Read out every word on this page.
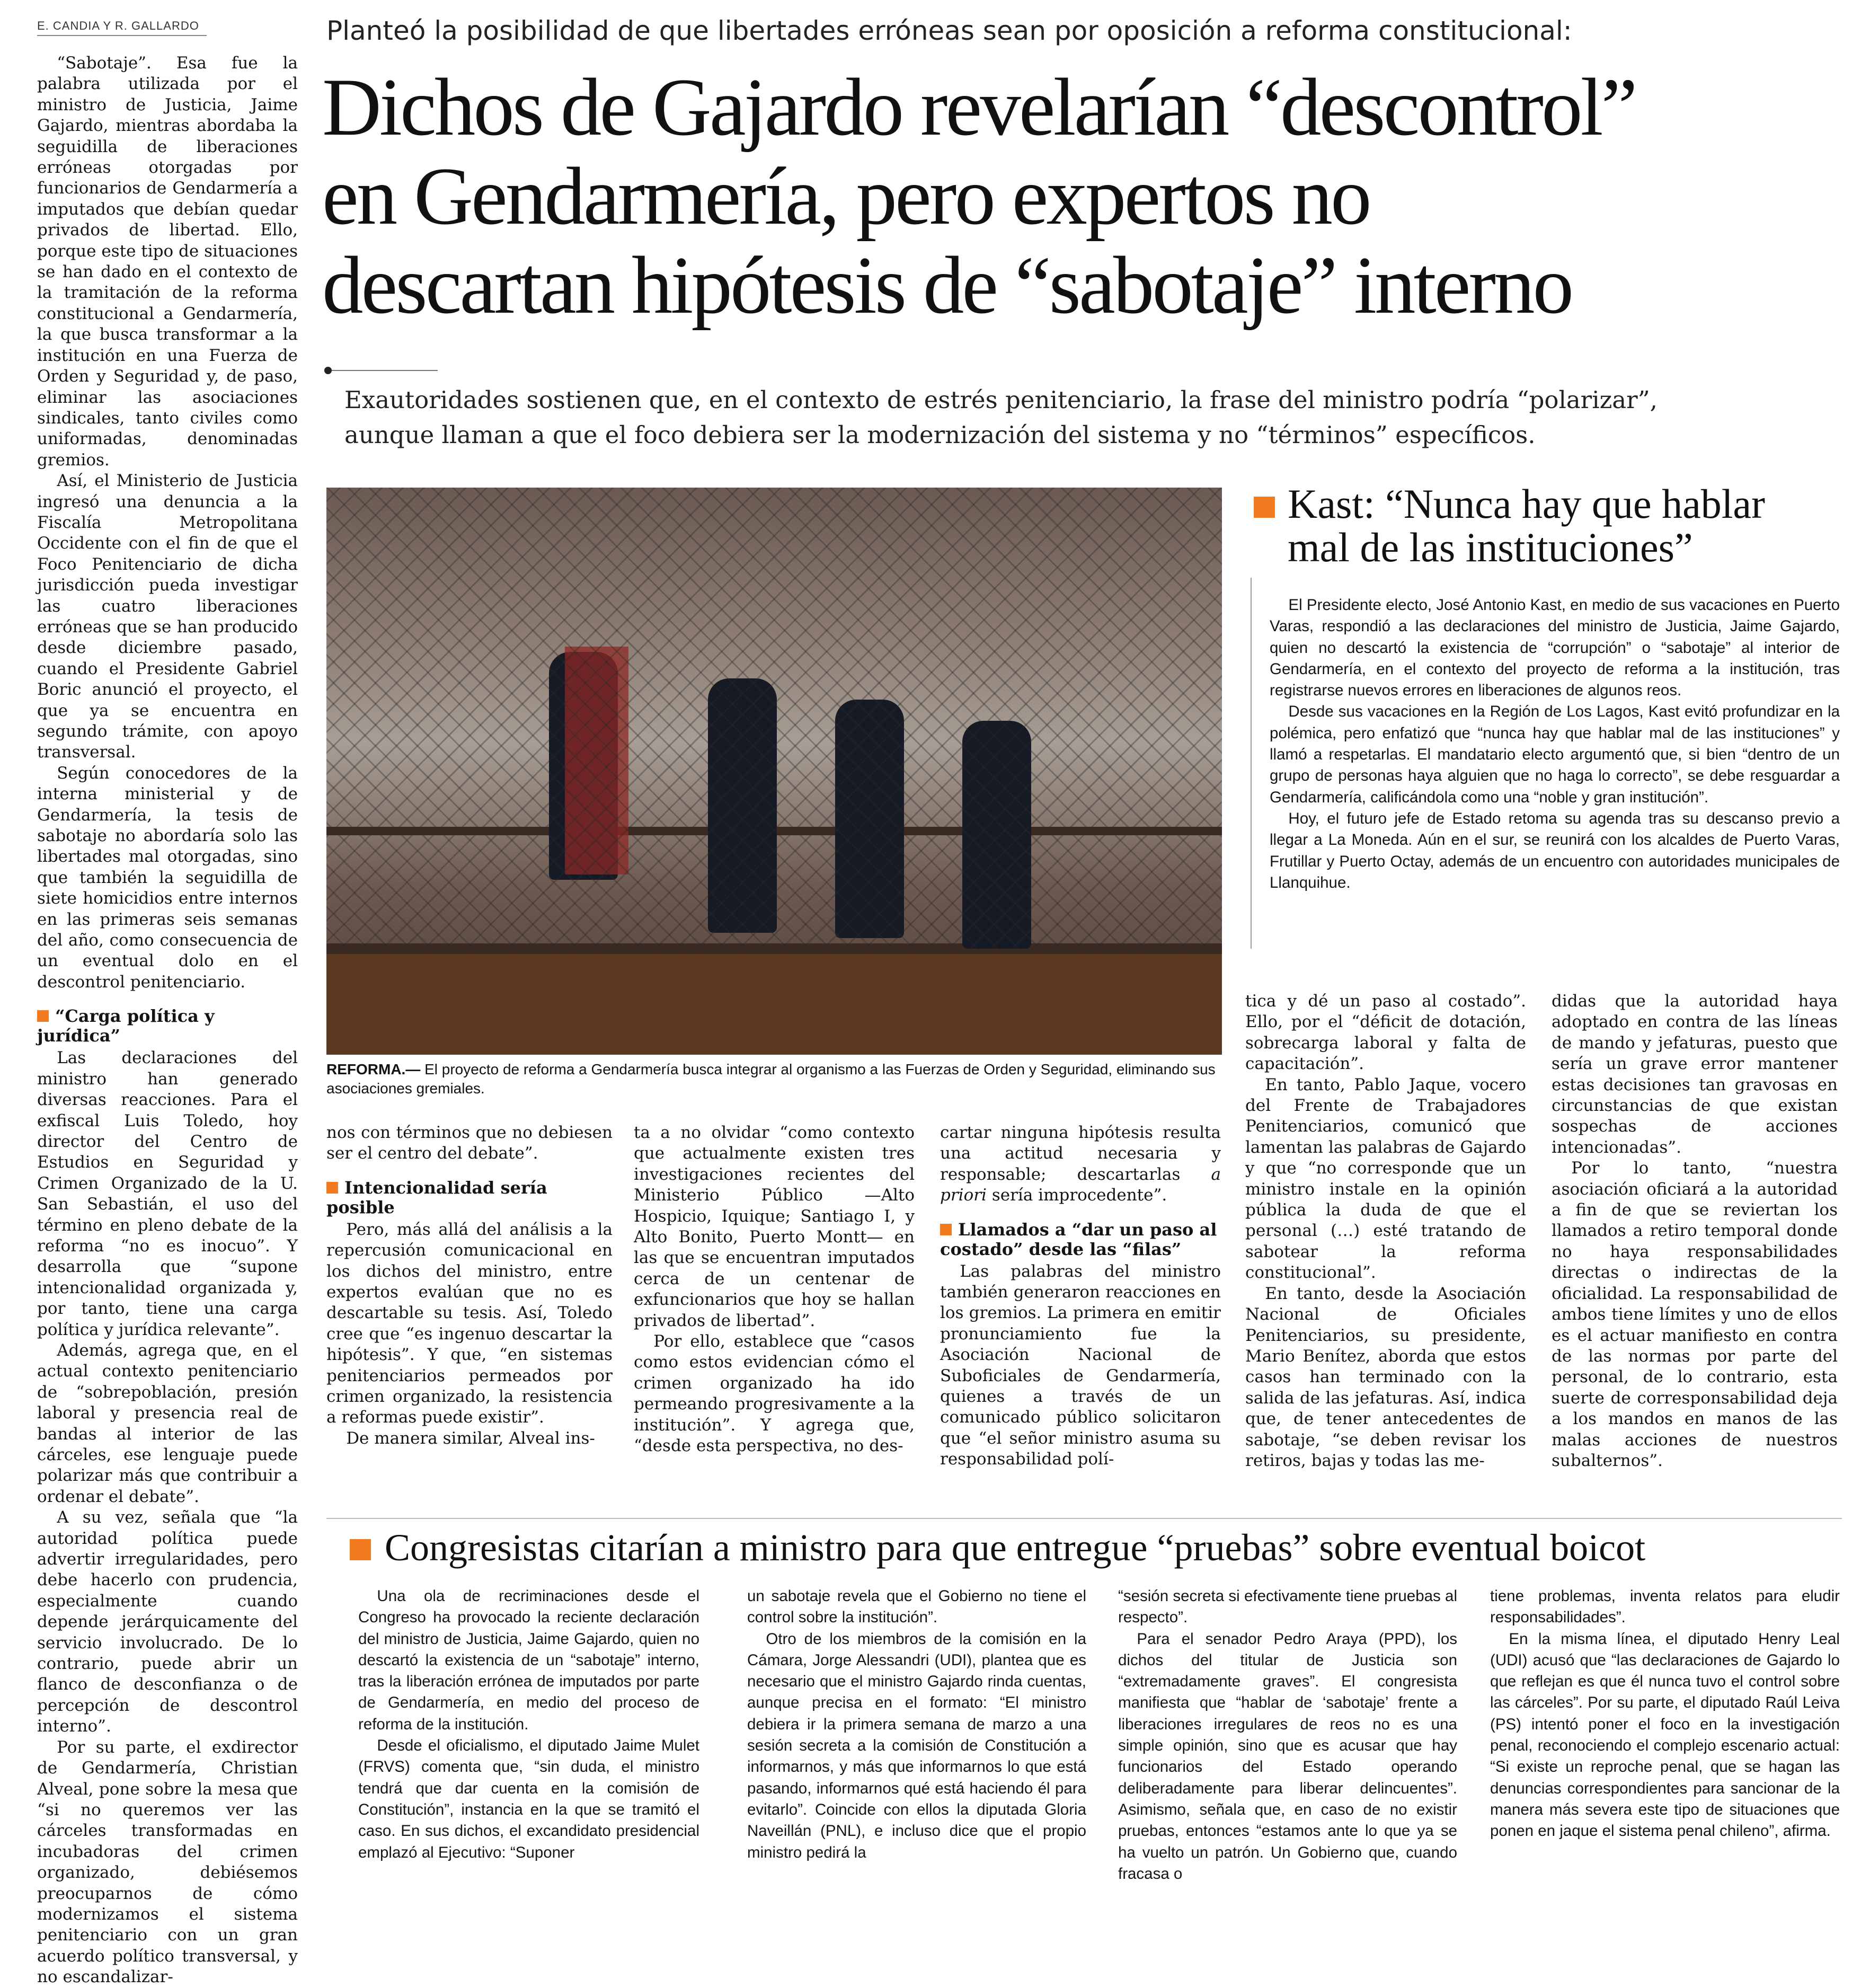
E. CANDIA Y R. GALLARDO	Planteó la posibilidad de que libertades erróneas sean por oposición a reforma constitucional:
Dichos de Gajardo revelarían “descontrol”
en Gendarmería, pero expertos no
descartan hipótesis de “sabotaje” interno
Exautoridades sostienen que, en el contexto de estrés penitenciario, la frase del ministro podría “polarizar”,
aunque llaman a que el foco debiera ser la modernización del sistema y no “términos” específicos.

“Sabotaje”. Esa fue la palabra utilizada por el ministro de Justicia, Jaime Gajardo, mientras abordaba la seguidilla de liberaciones erróneas otorgadas por funcionarios de Gendarmería a imputados que debían quedar privados de libertad. Ello, porque este tipo de situaciones se han dado en el contexto de la tramitación de la reforma constitucional a Gendarmería, la que busca transformar a la institución en una Fuerza de Orden y Seguridad y, de paso, eliminar las asociaciones sindicales, tanto civiles como uniformadas, denominadas gremios.

Así, el Ministerio de Justicia ingresó una denuncia a la Fiscalía Metropolitana Occidente con el fin de que el Foco Penitenciario de dicha jurisdicción pueda investigar las cuatro liberaciones erróneas que se han producido desde diciembre pasado, cuando el Presidente Gabriel Boric anunció el proyecto, el que ya se encuentra en segundo trámite, con apoyo transversal.

Según conocedores de la interna ministerial y de Gendarmería, la tesis de sabotaje no abordaría solo las libertades mal otorgadas, sino que también la seguidilla de siete homicidios entre internos en las primeras seis semanas del año, como consecuencia de un eventual dolo en el descontrol penitenciario.

“Carga política y jurídica”

Las declaraciones del ministro han generado diversas reacciones. Para el exfiscal Luis Toledo, hoy director del Centro de Estudios en Seguridad y Crimen Organizado de la U. San Sebastián, el uso del término en pleno debate de la reforma “no es inocuo”. Y desarrolla que “supone intencionalidad organizada y, por tanto, tiene una carga política y jurídica relevante”.

Además, agrega que, en el actual contexto penitenciario de “sobrepoblación, presión laboral y presencia real de bandas al interior de las cárceles, ese lenguaje puede polarizar más que contribuir a ordenar el debate”.

A su vez, señala que “la autoridad política puede advertir irregularidades, pero debe hacerlo con prudencia, especialmente cuando depende jerárquicamente del servicio involucrado. De lo contrario, puede abrir un flanco de desconfianza o de percepción de descontrol interno”.

Por su parte, el exdirector de Gendarmería, Christian Alveal, pone sobre la mesa que “si no queremos ver las cárceles transformadas en incubadoras del crimen organizado, debiésemos preocuparnos de cómo modernizamos el sistema penitenciario con un gran acuerdo político transversal, y no escandalizar-

REFORMA.— El proyecto de reforma a Gendarmería busca integrar al organismo a las Fuerzas de Orden y Seguridad, eliminando sus asociaciones gremiales.
Kast: “Nunca hay que hablar
mal de las instituciones”

El Presidente electo, José Antonio Kast, en medio de sus vacaciones en Puerto Varas, respondió a las declaraciones del ministro de Justicia, Jaime Gajardo, quien no descartó la existencia de “corrupción” o “sabotaje” al interior de Gendarmería, en el contexto del proyecto de reforma a la institución, tras registrarse nuevos errores en liberaciones de algunos reos.

Desde sus vacaciones en la Región de Los Lagos, Kast evitó profundizar en la polémica, pero enfatizó que “nunca hay que hablar mal de las instituciones” y llamó a respetarlas. El mandatario electo argumentó que, si bien “dentro de un grupo de personas haya alguien que no haga lo correcto”, se debe resguardar a Gendarmería, calificándola como una “noble y gran institución”.

Hoy, el futuro jefe de Estado retoma su agenda tras su descanso previo a llegar a La Moneda. Aún en el sur, se reunirá con los alcaldes de Puerto Varas, Frutillar y Puerto Octay, además de un encuentro con autoridades municipales de Llanquihue.

nos con términos que no debiesen ser el centro del debate”.

Intencionalidad sería posible

Pero, más allá del análisis a la repercusión comunicacional en los dichos del ministro, entre expertos evalúan que no es descartable su tesis. Así, Toledo cree que “es ingenuo descartar la hipótesis”. Y que, “en sistemas penitenciarios permeados por crimen organizado, la resistencia a reformas puede existir”.

De manera similar, Alveal ins-

ta a no olvidar “como contexto que actualmente existen tres investigaciones recientes del Ministerio Público —Alto Hospicio, Iquique; Santiago I, y Alto Bonito, Puerto Montt— en las que se encuentran imputados cerca de un centenar de exfuncionarios que hoy se hallan privados de libertad”.

Por ello, establece que “casos como estos evidencian cómo el crimen organizado ha ido permeando progresivamente a la institución”. Y agrega que, “desde esta perspectiva, no des-

cartar ninguna hipótesis resulta una actitud necesaria y responsable; descartarlas a priori sería improcedente”.

Llamados a “dar un paso al costado” desde las “filas”

Las palabras del ministro también generaron reacciones en los gremios. La primera en emitir pronunciamiento fue la Asociación Nacional de Suboficiales de Gendarmería, quienes a través de un comunicado público solicitaron que “el señor ministro asuma su responsabilidad polí-

tica y dé un paso al costado”. Ello, por el “déficit de dotación, sobrecarga laboral y falta de capacitación”.

En tanto, Pablo Jaque, vocero del Frente de Trabajadores Penitenciarios, comunicó que lamentan las palabras de Gajardo y que “no corresponde que un ministro instale en la opinión pública la duda de que el personal (…) esté tratando de sabotear la reforma constitucional”.

En tanto, desde la Asociación Nacional de Oficiales Penitenciarios, su presidente, Mario Benítez, aborda que estos casos han terminado con la salida de las jefaturas. Así, indica que, de tener antecedentes de sabotaje, “se deben revisar los retiros, bajas y todas las me-

didas que la autoridad haya adoptado en contra de las líneas de mando y jefaturas, puesto que sería un grave error mantener estas decisiones tan gravosas en circunstancias de que existan sospechas de acciones intencionadas”.

Por lo tanto, “nuestra asociación oficiará a la autoridad a fin de que se reviertan los llamados a retiro temporal donde no haya responsabilidades directas o indirectas de la oficialidad. La responsabilidad de ambos tiene límites y uno de ellos es el actuar manifiesto en contra de las normas por parte del personal, de lo contrario, esta suerte de corresponsabilidad deja a los mandos en manos de las malas acciones de nuestros subalternos”.

Congresistas citarían a ministro para que entregue “pruebas” sobre eventual boicot

Una ola de recriminaciones desde el Congreso ha provocado la reciente declaración del ministro de Justicia, Jaime Gajardo, quien no descartó la existencia de un “sabotaje” interno, tras la liberación errónea de imputados por parte de Gendarmería, en medio del proceso de reforma de la institución.

Desde el oficialismo, el diputado Jaime Mulet (FRVS) comenta que, “sin duda, el ministro tendrá que dar cuenta en la comisión de Constitución”, instancia en la que se tramitó el caso. En sus dichos, el excandidato presidencial emplazó al Ejecutivo: “Suponer

un sabotaje revela que el Gobierno no tiene el control sobre la institución”.

Otro de los miembros de la comisión en la Cámara, Jorge Alessandri (UDI), plantea que es necesario que el ministro Gajardo rinda cuentas, aunque precisa en el formato: “El ministro debiera ir la primera semana de marzo a una sesión secreta a la comisión de Constitución a informarnos, y más que informarnos lo que está pasando, informarnos qué está haciendo él para evitarlo”. Coincide con ellos la diputada Gloria Naveillán (PNL), e incluso dice que el propio ministro pedirá la

“sesión secreta si efectivamente tiene pruebas al respecto”.

Para el senador Pedro Araya (PPD), los dichos del titular de Justicia son “extremadamente graves”. El congresista manifiesta que “hablar de ‘sabotaje’ frente a liberaciones irregulares de reos no es una simple opinión, sino que es acusar que hay funcionarios del Estado operando deliberadamente para liberar delincuentes”. Asimismo, señala que, en caso de no existir pruebas, entonces “estamos ante lo que ya se ha vuelto un patrón. Un Gobierno que, cuando fracasa o

tiene problemas, inventa relatos para eludir responsabilidades”.

En la misma línea, el diputado Henry Leal (UDI) acusó que “las declaraciones de Gajardo lo que reflejan es que él nunca tuvo el control sobre las cárceles”. Por su parte, el diputado Raúl Leiva (PS) intentó poner el foco en la investigación penal, reconociendo el complejo escenario actual: “Si existe un reproche penal, que se hagan las denuncias correspondientes para sancionar de la manera más severa este tipo de situaciones que ponen en jaque el sistema penal chileno”, afirma.
